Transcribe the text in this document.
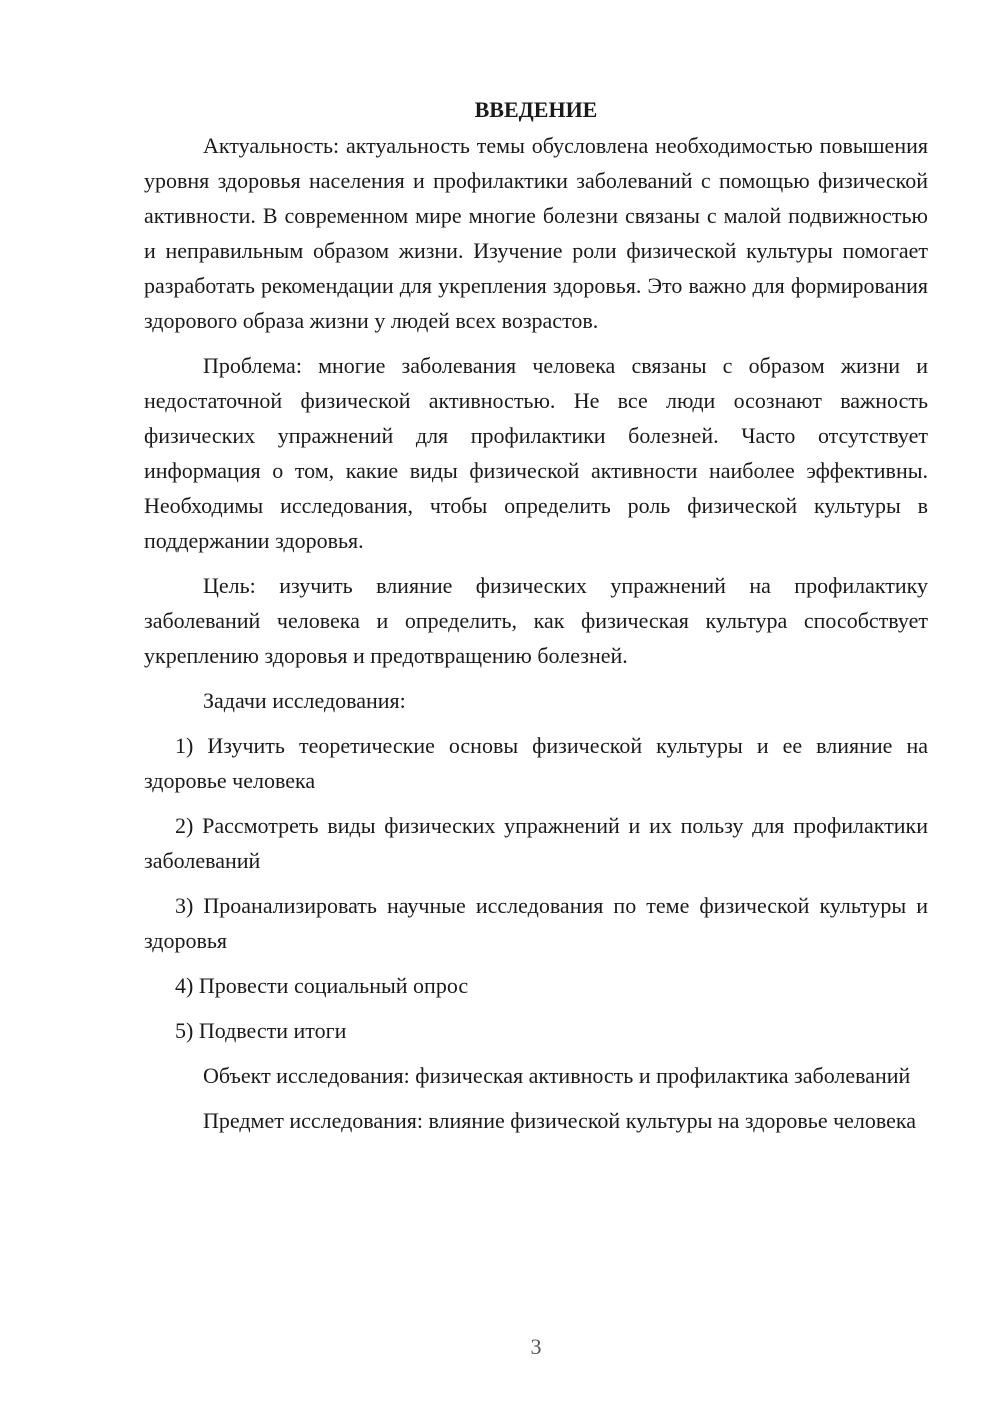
ВВЕДЕНИЕ
Актуальность: актуальность темы обусловлена необходимостью повышения уровня здоровья населения и профилактики заболеваний с помощью физической активности. В современном мире многие болезни связаны с малой подвижностью и неправильным образом жизни. Изучение роли физической культуры помогает разработать рекомендации для укрепления здоровья. Это важно для формирования здорового образа жизни у людей всех возрастов.
Проблема: многие заболевания человека связаны с образом жизни и недостаточной физической активностью. Не все люди осознают важность физических упражнений для профилактики болезней. Часто отсутствует информация о том, какие виды физической активности наиболее эффективны. Необходимы исследования, чтобы определить роль физической культуры в поддержании здоровья.
Цель: изучить влияние физических упражнений на профилактику заболеваний человека и определить, как физическая культура способствует укреплению здоровья и предотвращению болезней.
Задачи исследования:
1) Изучить теоретические основы физической культуры и ее влияние на здоровье человека
2) Рассмотреть виды физических упражнений и их пользу для профилактики заболеваний
3) Проанализировать научные исследования по теме физической культуры и здоровья
4) Провести социальный опрос
5) Подвести итоги
Объект исследования: физическая активность и профилактика заболеваний
Предмет исследования: влияние физической культуры на здоровье человека
3
